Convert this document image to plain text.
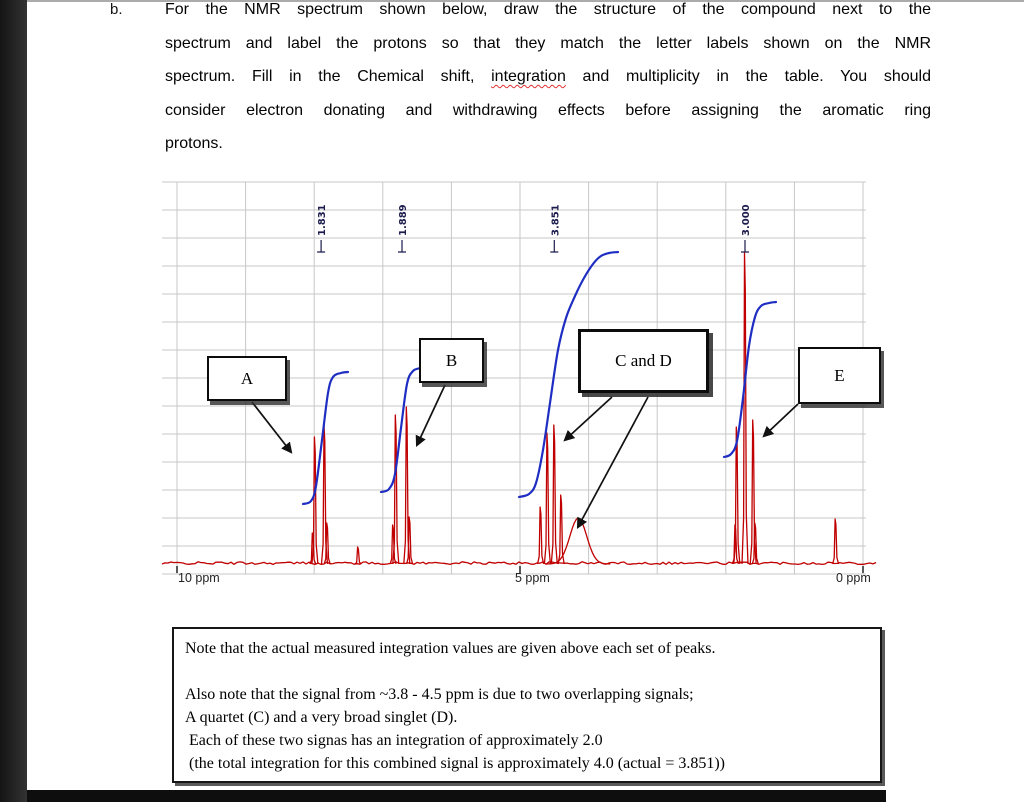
b.	For the NMR spectrum shown below, draw the structure of the compound next to the
spectrum and label the protons so that they match the letter labels shown on the NMR
spectrum. Fill in the Chemical shift, integration and multiplicity in the table. You should
consider electron donating and withdrawing effects before assigning the aromatic ring
protons.
1.831	1.889	3.851	3.000
10 ppm	5 ppm	0 ppm
A
B	C and D
E
Note that the actual measured integration values are given above each set of peaks.
Also note that the signal from ~3.8 - 4.5 ppm is due to two overlapping signals;
A quartet (C) and a very broad singlet (D).
Each of these two signas has an integration of approximately 2.0
(the total integration for this combined signal is approximately 4.0 (actual = 3.851))
